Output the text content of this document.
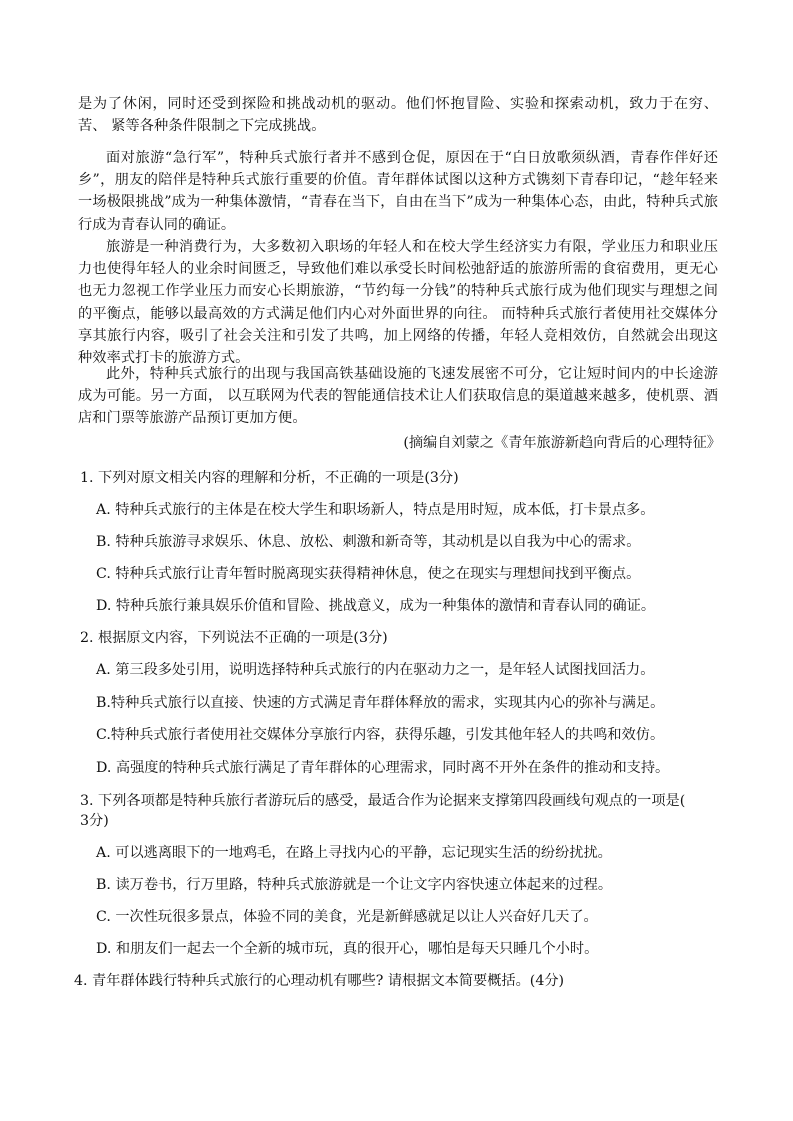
是为了休闲，同时还受到探险和挑战动机的驱动。他们怀抱冒险、实验和探索动机，致力于在穷、苦、 紧等各种条件限制之下完成挑战。

面对旅游“急行军”，特种兵式旅行者并不感到仓促，原因在于“白日放歌须纵酒，青春作伴好还乡”，朋友的陪伴是特种兵式旅行重要的价值。青年群体试图以这种方式镌刻下青春印记，“趁年轻来一场极限挑战”成为一种集体激情，“青春在当下，自由在当下”成为一种集体心态，由此，特种兵式旅行成为青春认同的确证。

旅游是一种消费行为，大多数初入职场的年轻人和在校大学生经济实力有限，学业压力和职业压力也使得年轻人的业余时间匮乏，导致他们难以承受长时间松弛舒适的旅游所需的食宿费用，更无心也无力忽视工作学业压力而安心长期旅游，“节约每一分钱”的特种兵式旅行成为他们现实与理想之间的平衡点，能够以最高效的方式满足他们内心对外面世界的向往。 而特种兵式旅行者使用社交媒体分享其旅行内容，吸引了社会关注和引发了共鸣，加上网络的传播，年轻人竞相效仿，自然就会出现这种效率式打卡的旅游方式。

此外，特种兵式旅行的出现与我国高铁基础设施的飞速发展密不可分，它让短时间内的中长途游成为可能。另一方面， 以互联网为代表的智能通信技术让人们获取信息的渠道越来越多，使机票、酒店和门票等旅游产品预订更加方便。

(摘编自刘蒙之《青年旅游新趋向背后的心理特征》

1. 下列对原文相关内容的理解和分析，不正确的一项是(3分)

A. 特种兵式旅行的主体是在校大学生和职场新人，特点是用时短，成本低，打卡景点多。

B. 特种兵旅游寻求娱乐、休息、放松、刺激和新奇等，其动机是以自我为中心的需求。

C. 特种兵式旅行让青年暂时脱离现实获得精神休息，使之在现实与理想间找到平衡点。

D. 特种兵旅行兼具娱乐价值和冒险、挑战意义，成为一种集体的激情和青春认同的确证。

2. 根据原文内容，下列说法不正确的一项是(3分)

A. 第三段多处引用，说明选择特种兵式旅行的内在驱动力之一，是年轻人试图找回活力。

B.特种兵式旅行以直接、快速的方式满足青年群体释放的需求，实现其内心的弥补与满足。

C.特种兵式旅行者使用社交媒体分享旅行内容，获得乐趣，引发其他年轻人的共鸣和效仿。

D. 高强度的特种兵式旅行满足了青年群体的心理需求，同时离不开外在条件的推动和支持。

3. 下列各项都是特种兵旅行者游玩后的感受，最适合作为论据来支撑第四段画线句观点的一项是(

3分)

A. 可以逃离眼下的一地鸡毛，在路上寻找内心的平静，忘记现实生活的纷纷扰扰。

B. 读万卷书，行万里路，特种兵式旅游就是一个让文字内容快速立体起来的过程。

C. 一次性玩很多景点，体验不同的美食，光是新鲜感就足以让人兴奋好几天了。

D. 和朋友们一起去一个全新的城市玩，真的很开心，哪怕是每天只睡几个小时。

4. 青年群体践行特种兵式旅行的心理动机有哪些? 请根据文本简要概括。(4分)
